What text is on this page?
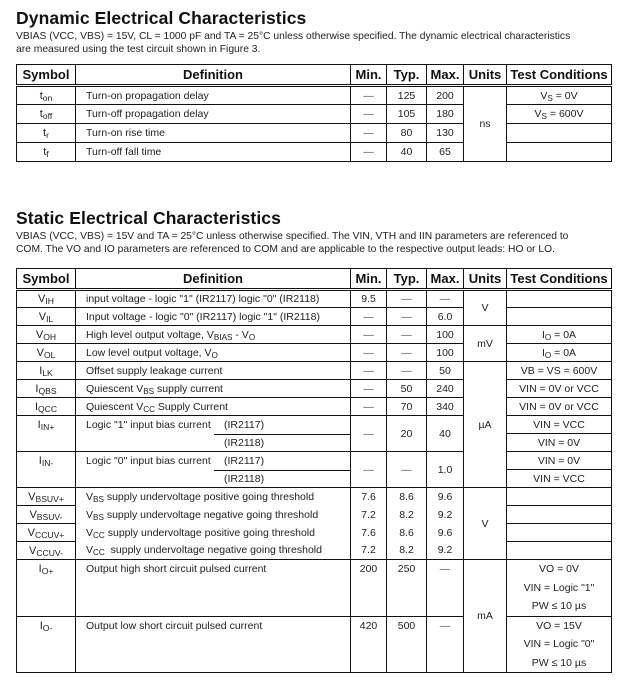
Dynamic Electrical Characteristics
VBIAS (VCC, VBS) = 15V, CL = 1000 pF and TA = 25°C unless otherwise specified. The dynamic electrical characteristics
are measured using the test circuit shown in Figure 3.
Symbol	Definition	Min.	Typ.	Max.	Units	Test Conditions
$t_{on}$	Turn-on propagation delay	—	125	200	ns	$V_S = 0V$
$t_{off}$	Turn-off propagation delay	—	105	180		$V_S = 600V$
$t_r$	Turn-on rise time	—	80	130		
$t_f$	Turn-off fall time	—	40	65		
Static Electrical Characteristics
VBIAS (VCC, VBS) = 15V and TA = 25°C unless otherwise specified. The VIN, VTH and IIN parameters are referenced to
COM. The VO and IO parameters are referenced to COM and are applicable to the respective output leads: HO or LO.
Symbol	Definition	Min.	Typ.	Max.	Units	Test Conditions
$V_{IH}$	input voltage - logic "1" (IR2117) logic "0" (IR2118)	9.5	—	—	V	
$V_{IL}$	Input voltage - logic "0" (IR2117) logic "1" (IR2118)	—	—	6.0		
$V_{OH}$	High level output voltage, $V_{BIAS} - V_O$	—	—	100	mV	$I_O = 0A$
$V_{OL}$	Low level output voltage, $V_O$	—	—	100		$I_O = 0A$
$I_{LK}$	Offset supply leakage current	—	—	50	µA	VB = VS = 600V
$I_{QBS}$	Quiescent $V_{BS}$ supply current	—	50	240		VIN = 0V or VCC
$I_{QCC}$	Quiescent $V_{CC}$ Supply Current	—	70	340		VIN = 0V or VCC
$I_{IN+}$	Logic "1" input bias current (IR2117)	—	20	40		VIN = VCC

	(IR2118)					VIN = 0V
$I_{IN-}$	Logic "0" input bias current (IR2117)	—	—	1.0		VIN = 0V

	(IR2118)					VIN = VCC
$V_{BSUV+}$	$V_{BS}$ supply undervoltage positive going threshold	7.6	8.6	9.6	V	
$V_{BSUV-}$	$V_{BS}$ supply undervoltage negative going threshold	7.2	8.2	9.2		
$V_{CCUV+}$	$V_{CC}$ supply undervoltage positive going threshold	7.6	8.6	9.6		
$V_{CCUV-}$	$V_{CC}$  supply undervoltage negative going threshold	7.2	8.2	9.2		
$I_{O+}$	Output high short circuit pulsed current	200	250	—	mA	VO = 0V
VIN = Logic "1"
PW ≤ 10 µs

$I_{O-}$	Output low short circuit pulsed current	420	500	—		VO = 15V
VIN = Logic "0"
PW ≤ 10 µs
